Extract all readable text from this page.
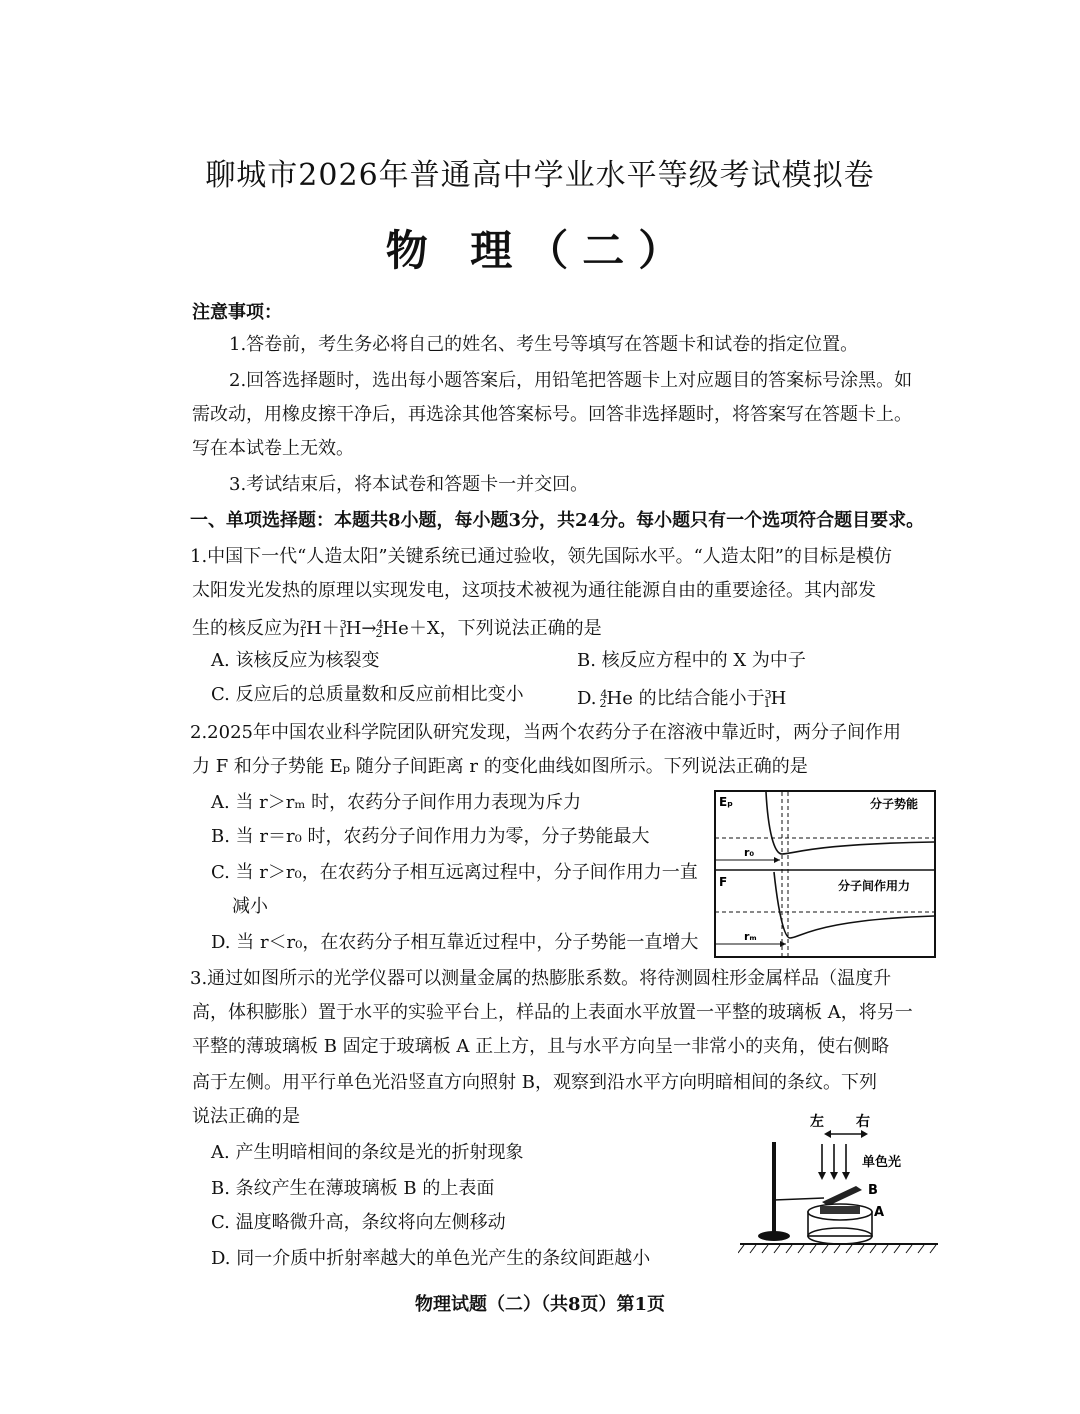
聊城市2026年普通高中学业水平等级考试模拟卷
物 理（二）
注意事项：
1.答卷前，考生务必将自己的姓名、考生号等填写在答题卡和试卷的指定位置。
2.回答选择题时，选出每小题答案后，用铅笔把答题卡上对应题目的答案标号涂黑。如
需改动，用橡皮擦干净后，再选涂其他答案标号。回答非选择题时，将答案写在答题卡上。
写在本试卷上无效。
3.考试结束后，将本试卷和答题卡一并交回。
一、单项选择题：本题共8小题，每小题3分，共24分。每小题只有一个选项符合题目要求。
1.中国下一代“人造太阳”关键系统已通过验收，领先国际水平。“人造太阳”的目标是模仿
太阳发光发热的原理以实现发电，这项技术被视为通往能源自由的重要途径。其内部发
生的核反应为$^2_1$H＋$^3_1$H→$^4_2$He＋X，下列说法正确的是
A. 该核反应为核裂变	B. 核反应方程中的 X 为中子
C. 反应后的总质量数和反应前相比变小	D. $^4_2$He 的比结合能小于$^3_1$H
2.2025年中国农业科学院团队研究发现，当两个农药分子在溶液中靠近时，两分子间作用
力 F 和分子势能 Eₚ 随分子间距离 r 的变化曲线如图所示。下列说法正确的是
A. 当 r＞rₘ 时，农药分子间作用力表现为斥力
B. 当 r＝r₀ 时，农药分子间作用力为零，分子势能最大
C. 当 r＞r₀，在农药分子相互远离过程中，分子间作用力一直
减小
D. 当 r＜r₀，在农药分子相互靠近过程中，分子势能一直增大
Eₚ	分子势能
r₀
F	分子间作用力
rₘ
3.通过如图所示的光学仪器可以测量金属的热膨胀系数。将待测圆柱形金属样品（温度升
高，体积膨胀）置于水平的实验平台上，样品的上表面水平放置一平整的玻璃板 A，将另一
平整的薄玻璃板 B 固定于玻璃板 A 正上方，且与水平方向呈一非常小的夹角，使右侧略
高于左侧。用平行单色光沿竖直方向照射 B，观察到沿水平方向明暗相间的条纹。下列
说法正确的是
A. 产生明暗相间的条纹是光的折射现象
B. 条纹产生在薄玻璃板 B 的上表面
C. 温度略微升高，条纹将向左侧移动
D. 同一介质中折射率越大的单色光产生的条纹间距越小
左 右
单色光
B
A
物理试题（二）（共8页）第1页
